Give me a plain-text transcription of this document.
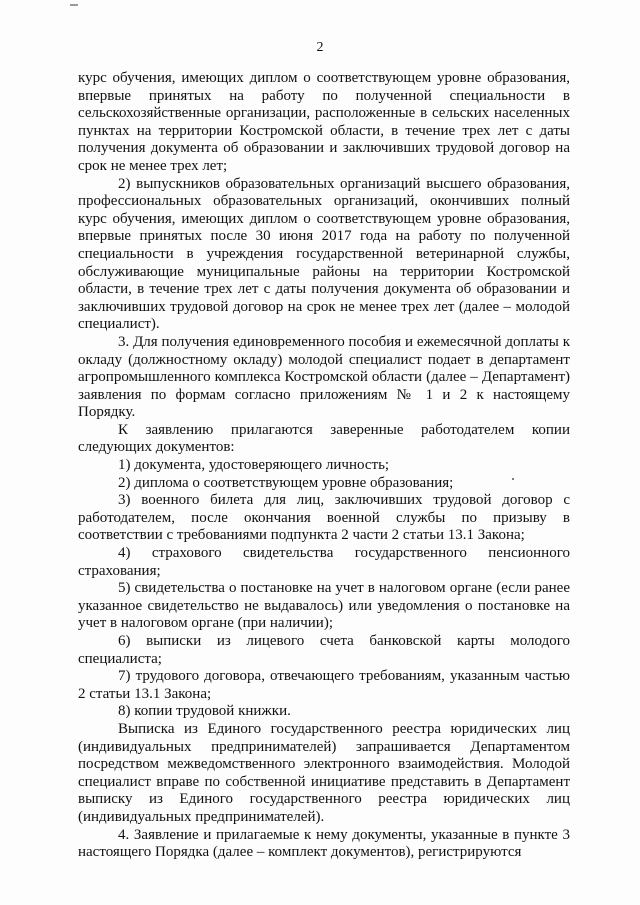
2

курс обучения, имеющих диплом о соответствующем уровне образования, впервые принятых на работу по полученной специальности в сельскохозяйственные организации, расположенные в сельских населенных пунктах на территории Костромской области, в течение трех лет с даты получения документа об образовании и заключивших трудовой договор на срок не менее трех лет;

2) выпускников образовательных организаций высшего образования, профессиональных образовательных организаций, окончивших полный курс обучения, имеющих диплом о соответствующем уровне образования, впервые принятых после 30 июня 2017 года на работу по полученной специальности в учреждения государственной ветеринарной службы, обслуживающие муниципальные районы на территории Костромской области, в течение трех лет с даты получения документа об образовании и заключивших трудовой договор на срок не менее трех лет (далее – молодой специалист).

3. Для получения единовременного пособия и ежемесячной доплаты к окладу (должностному окладу) молодой специалист подает в департамент агропромышленного комплекса Костромской области (далее – Департамент) заявления по формам согласно приложениям № 1 и 2 к настоящему Порядку.

К заявлению прилагаются заверенные работодателем копии следующих документов:

1) документа, удостоверяющего личность;

2) диплома о соответствующем уровне образования;

3) военного билета для лиц, заключивших трудовой договор с работодателем, после окончания военной службы по призыву в соответствии с требованиями подпункта 2 части 2 статьи 13.1 Закона;

4) страхового свидетельства государственного пенсионного страхования;

5) свидетельства о постановке на учет в налоговом органе (если ранее указанное свидетельство не выдавалось) или уведомления о постановке на учет в налоговом органе (при наличии);

6) выписки из лицевого счета банковской карты молодого специалиста;

7) трудового договора, отвечающего требованиям, указанным частью 2 статьи 13.1 Закона;

8) копии трудовой книжки.

Выписка из Единого государственного реестра юридических лиц (индивидуальных предпринимателей) запрашивается Департаментом посредством межведомственного электронного взаимодействия. Молодой специалист вправе по собственной инициативе представить в Департамент выписку из Единого государственного реестра юридических лиц (индивидуальных предпринимателей).

4. Заявление и прилагаемые к нему документы, указанные в пункте 3 настоящего Порядка (далее – комплект документов), регистрируются
